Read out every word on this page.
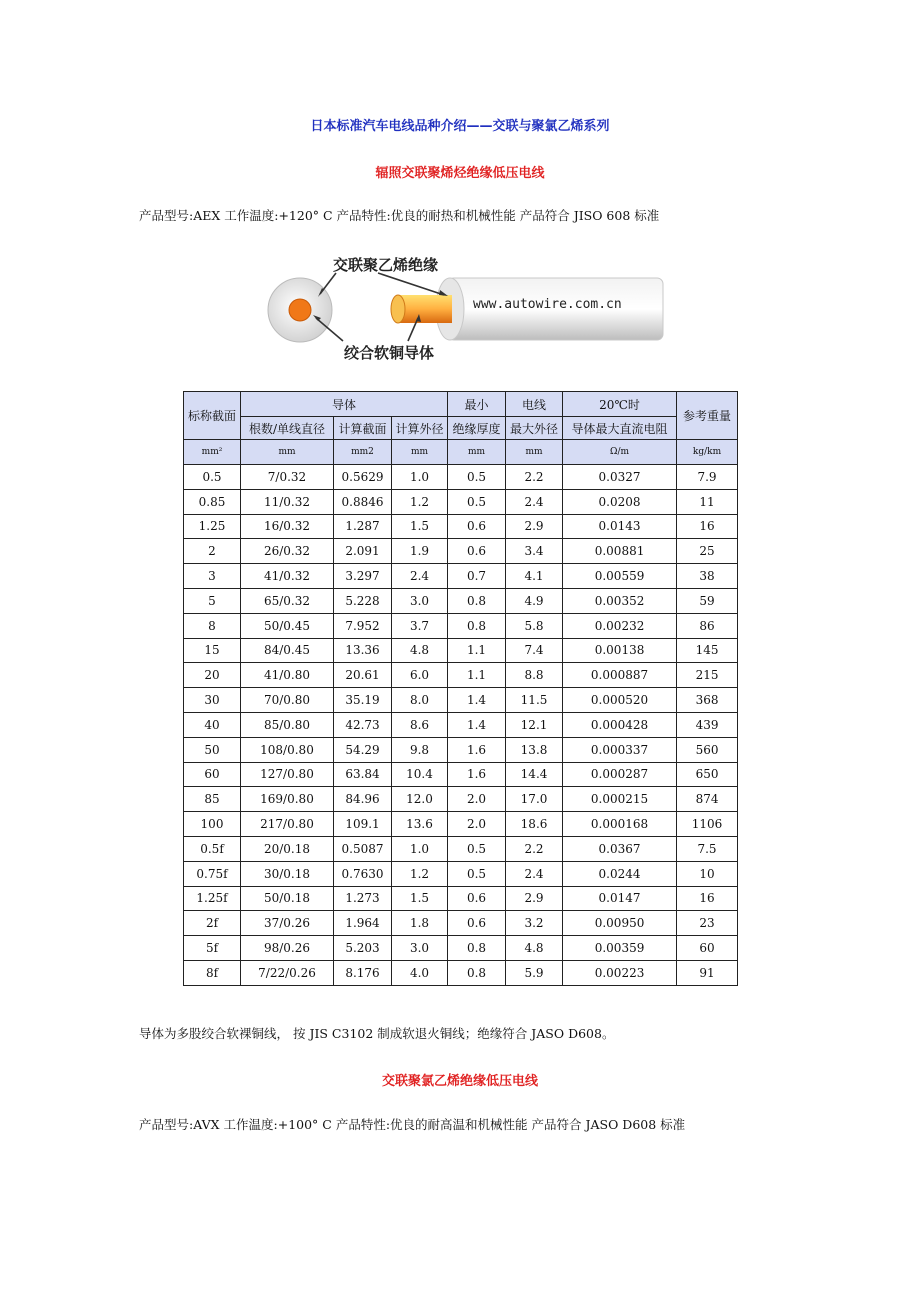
日本标准汽车电线品种介绍——交联与聚氯乙烯系列
辐照交联聚烯烃绝缘低压电线
产品型号:AEX 工作温度:+120° C 产品特性:优良的耐热和机械性能 产品符合 JISO 608 标准
交联聚乙烯绝缘
绞合软铜导体
www.autowire.com.cn
标称截面	导体			最小	电线	20℃时	参考重量
	根数/单线直径	计算截面	计算外径	绝缘厚度	最大外径	导体最大直流电阻	
mm²	mm	mm2	mm	mm	mm	Ω/m	kg/km
0.5	7/0.32	0.5629	1.0	0.5	2.2	0.0327	7.9
0.85	11/0.32	0.8846	1.2	0.5	2.4	0.0208	11
1.25	16/0.32	1.287	1.5	0.6	2.9	0.0143	16
2	26/0.32	2.091	1.9	0.6	3.4	0.00881	25
3	41/0.32	3.297	2.4	0.7	4.1	0.00559	38
5	65/0.32	5.228	3.0	0.8	4.9	0.00352	59
8	50/0.45	7.952	3.7	0.8	5.8	0.00232	86
15	84/0.45	13.36	4.8	1.1	7.4	0.00138	145
20	41/0.80	20.61	6.0	1.1	8.8	0.000887	215
30	70/0.80	35.19	8.0	1.4	11.5	0.000520	368
40	85/0.80	42.73	8.6	1.4	12.1	0.000428	439
50	108/0.80	54.29	9.8	1.6	13.8	0.000337	560
60	127/0.80	63.84	10.4	1.6	14.4	0.000287	650
85	169/0.80	84.96	12.0	2.0	17.0	0.000215	874
100	217/0.80	109.1	13.6	2.0	18.6	0.000168	1106
0.5f	20/0.18	0.5087	1.0	0.5	2.2	0.0367	7.5
0.75f	30/0.18	0.7630	1.2	0.5	2.4	0.0244	10
1.25f	50/0.18	1.273	1.5	0.6	2.9	0.0147	16
2f	37/0.26	1.964	1.8	0.6	3.2	0.00950	23
5f	98/0.26	5.203	3.0	0.8	4.8	0.00359	60
8f	7/22/0.26	8.176	4.0	0.8	5.9	0.00223	91
导体为多股绞合软裸铜线， 按 JIS C3102 制成软退火铜线；绝缘符合 JASO D608。
交联聚氯乙烯绝缘低压电线
产品型号:AVX 工作温度:+100° C 产品特性:优良的耐高温和机械性能 产品符合 JASO D608 标准
